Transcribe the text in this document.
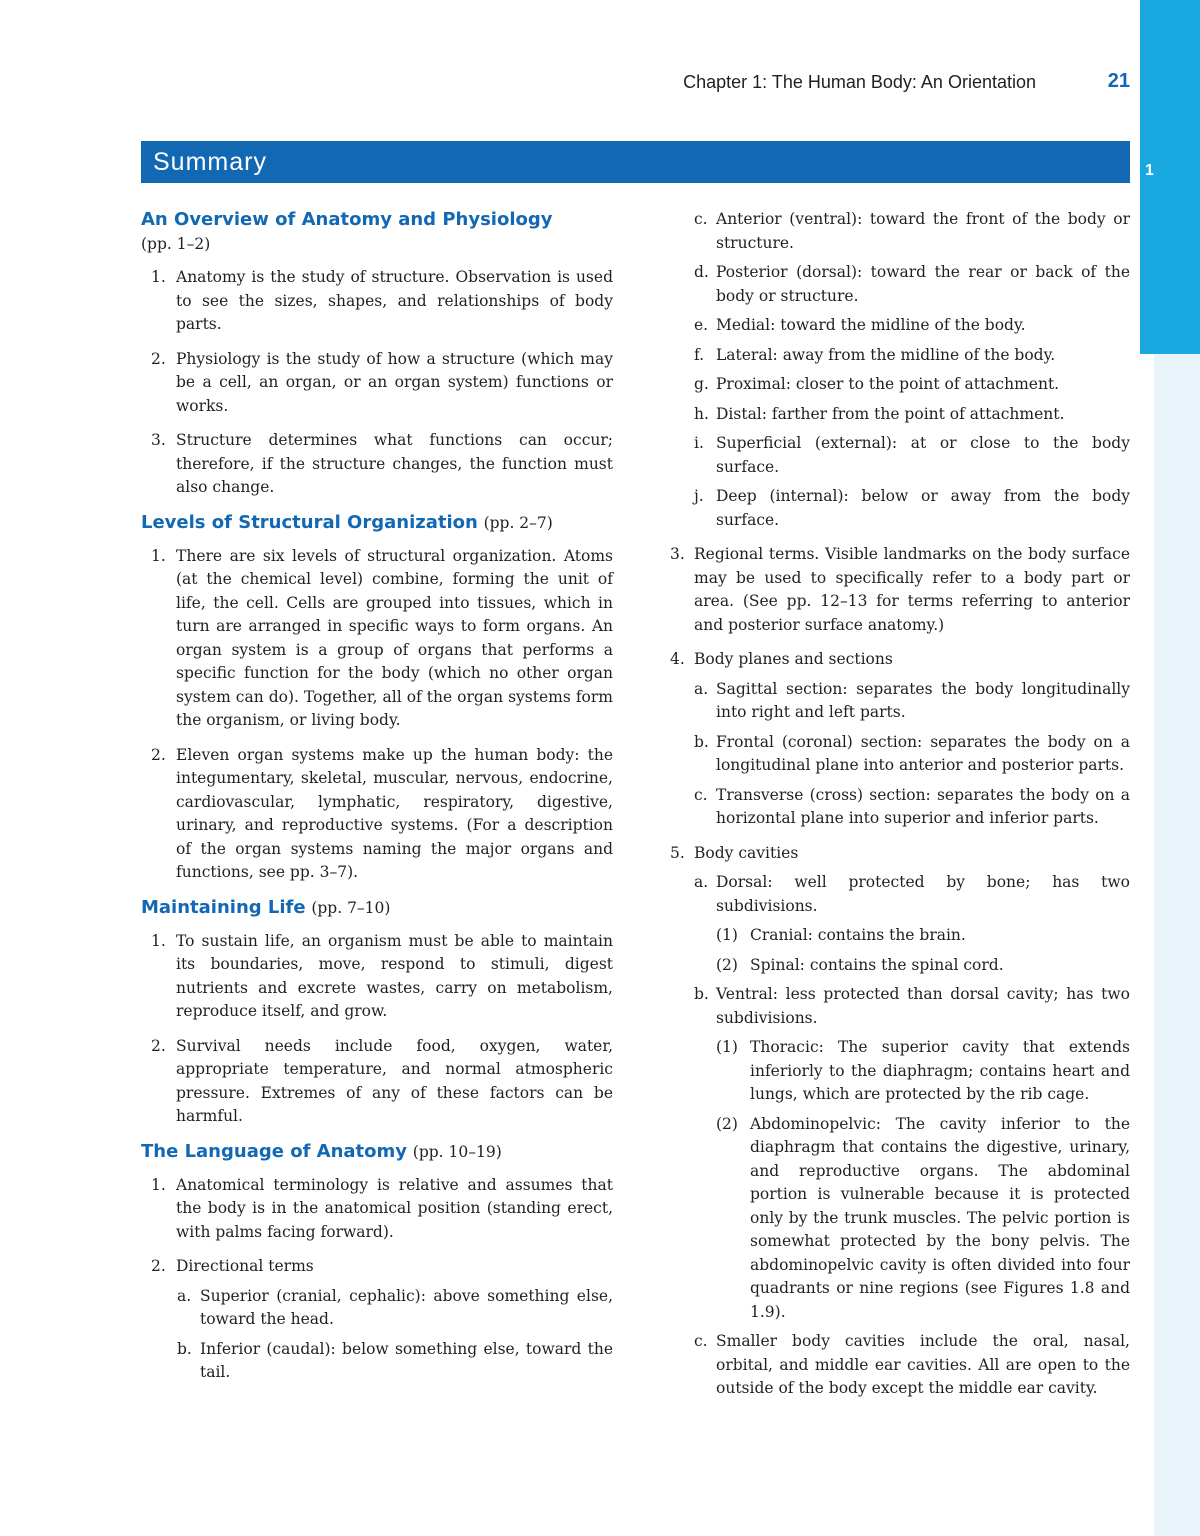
1
Chapter 1: The Human Body: An Orientation	21
Summary
An Overview of Anatomy and Physiology
(pp. 1–2)
1. Anatomy is the study of structure. Observation is used to see the sizes, shapes, and relationships of body parts.
2. Physiology is the study of how a structure (which may be a cell, an organ, or an organ system) functions or works.
3. Structure determines what functions can occur; therefore, if the structure changes, the function must also change.
Levels of Structural Organization (pp. 2–7)
1. There are six levels of structural organization. Atoms (at the chemical level) combine, forming the unit of life, the cell. Cells are grouped into tissues, which in turn are arranged in specific ways to form organs. An organ system is a group of organs that performs a specific function for the body (which no other organ system can do). Together, all of the organ systems form the organism, or living body.
2. Eleven organ systems make up the human body: the integumentary, skeletal, muscular, nervous, endocrine, cardiovascular, lymphatic, respiratory, digestive, urinary, and reproductive systems. (For a description of the organ systems naming the major organs and functions, see pp. 3–7).
Maintaining Life (pp. 7–10)
1. To sustain life, an organism must be able to maintain its boundaries, move, respond to stimuli, digest nutrients and excrete wastes, carry on metabolism, reproduce itself, and grow.
2. Survival needs include food, oxygen, water, appropriate temperature, and normal atmospheric pressure. Extremes of any of these factors can be harmful.
The Language of Anatomy (pp. 10–19)
1. Anatomical terminology is relative and assumes that the body is in the anatomical position (standing erect, with palms facing forward).
2. Directional terms
a. Superior (cranial, cephalic): above something else, toward the head.
b. Inferior (caudal): below something else, toward the tail.
c. Anterior (ventral): toward the front of the body or structure.
d. Posterior (dorsal): toward the rear or back of the body or structure.
e. Medial: toward the midline of the body.
f. Lateral: away from the midline of the body.
g. Proximal: closer to the point of attachment.
h. Distal: farther from the point of attachment.
i. Superficial (external): at or close to the body surface.
j. Deep (internal): below or away from the body surface.
3. Regional terms. Visible landmarks on the body surface may be used to specifically refer to a body part or area. (See pp. 12–13 for terms referring to anterior and posterior surface anatomy.)
4. Body planes and sections
a. Sagittal section: separates the body longitudinally into right and left parts.
b. Frontal (coronal) section: separates the body on a longitudinal plane into anterior and posterior parts.
c. Transverse (cross) section: separates the body on a horizontal plane into superior and inferior parts.
5. Body cavities
a. Dorsal: well protected by bone; has two subdivisions.
(1) Cranial: contains the brain.
(2) Spinal: contains the spinal cord.
b. Ventral: less protected than dorsal cavity; has two subdivisions.
(1) Thoracic: The superior cavity that extends inferiorly to the diaphragm; contains heart and lungs, which are protected by the rib cage.
(2) Abdominopelvic: The cavity inferior to the diaphragm that contains the digestive, urinary, and reproductive organs. The abdominal portion is vulnerable because it is protected only by the trunk muscles. The pelvic portion is somewhat protected by the bony pelvis. The abdominopelvic cavity is often divided into four quadrants or nine regions (see Figures 1.8 and 1.9).
c. Smaller body cavities include the oral, nasal, orbital, and middle ear cavities. All are open to the outside of the body except the middle ear cavity.
